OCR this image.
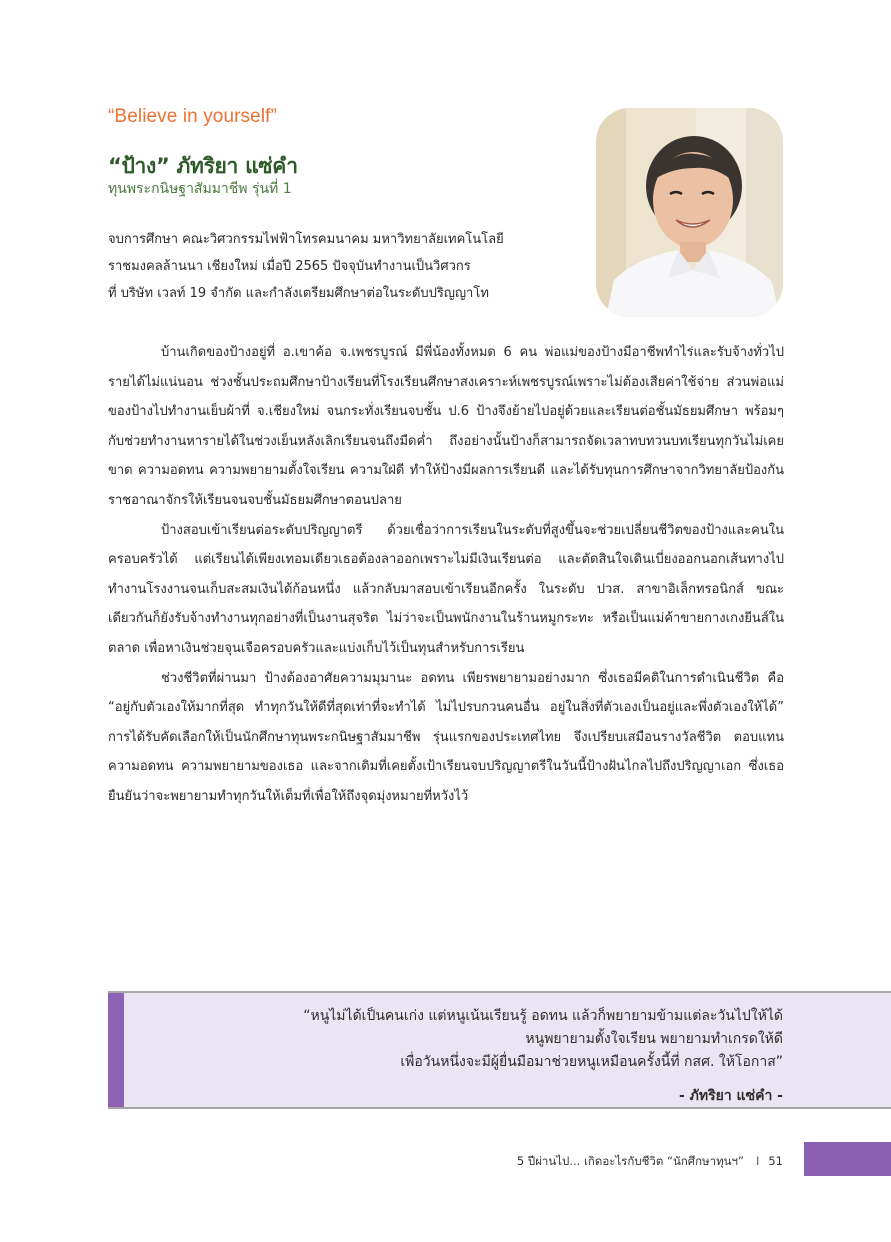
“Believe in yourself”
“ป้าง” ภัทริยา แซ่คำ
ทุนพระกนิษฐาสัมมาชีพ รุ่นที่ 1
จบการศึกษา คณะวิศวกรรมไฟฟ้าโทรคมนาคม มหาวิทยาลัยเทคโนโลยี
ราชมงคลล้านนา เชียงใหม่ เมื่อปี 2565 ปัจจุบันทำงานเป็นวิศวกร
ที่ บริษัท เวลท์ 19 จำกัด และกำลังเตรียมศึกษาต่อในระดับปริญญาโท

บ้านเกิดของป้างอยู่ที่ อ.เขาค้อ จ.เพชรบูรณ์ มีพี่น้องทั้งหมด 6 คน พ่อแม่ของป้างมีอาชีพทำไร่และรับจ้างทั่วไป รายได้ไม่แน่นอน ช่วงชั้นประถมศึกษาป้างเรียนที่โรงเรียนศึกษาสงเคราะห์เพชรบูรณ์เพราะไม่ต้องเสียค่าใช้จ่าย ส่วนพ่อแม่ของป้างไปทำงานเย็บผ้าที่ จ.เชียงใหม่ จนกระทั่งเรียนจบชั้น ป.6 ป้างจึงย้ายไปอยู่ด้วยและเรียนต่อชั้นมัธยมศึกษา พร้อมๆ กับช่วยทำงานหารายได้ในช่วงเย็นหลังเลิกเรียนจนถึงมืดค่ำ ถึงอย่างนั้นป้างก็สามารถจัดเวลาทบทวนบทเรียนทุกวันไม่เคยขาด ความอดทน ความพยายามตั้งใจเรียน ความใฝ่ดี ทำให้ป้างมีผลการเรียนดี และได้รับทุนการศึกษาจากวิทยาลัยป้องกันราชอาณาจักรให้เรียนจนจบชั้นมัธยมศึกษาตอนปลาย

ป้างสอบเข้าเรียนต่อระดับปริญญาตรี ด้วยเชื่อว่าการเรียนในระดับที่สูงขึ้นจะช่วยเปลี่ยนชีวิตของป้างและคนในครอบครัวได้ แต่เรียนได้เพียงเทอมเดียวเธอต้องลาออกเพราะไม่มีเงินเรียนต่อ และตัดสินใจเดินเบี่ยงออกนอกเส้นทางไปทำงานโรงงานจนเก็บสะสมเงินได้ก้อนหนึ่ง แล้วกลับมาสอบเข้าเรียนอีกครั้ง ในระดับ ปวส. สาขาอิเล็กทรอนิกส์ ขณะเดียวกันก็ยังรับจ้างทำงานทุกอย่างที่เป็นงานสุจริต ไม่ว่าจะเป็นพนักงานในร้านหมูกระทะ หรือเป็นแม่ค้าขายกางเกงยีนส์ในตลาด เพื่อหาเงินช่วยจุนเจือครอบครัวและแบ่งเก็บไว้เป็นทุนสำหรับการเรียน

ช่วงชีวิตที่ผ่านมา ป้างต้องอาศัยความมุมานะ อดทน เพียรพยายามอย่างมาก ซึ่งเธอมีคติในการดำเนินชีวิต คือ “อยู่กับตัวเองให้มากที่สุด ทำทุกวันให้ดีที่สุดเท่าที่จะทำได้ ไม่ไปรบกวนคนอื่น อยู่ในสิ่งที่ตัวเองเป็นอยู่และพึ่งตัวเองให้ได้” การได้รับคัดเลือกให้เป็นนักศึกษาทุนพระกนิษฐาสัมมาชีพ รุ่นแรกของประเทศไทย จึงเปรียบเสมือนรางวัลชีวิต ตอบแทนความอดทน ความพยายามของเธอ และจากเดิมที่เคยตั้งเป้าเรียนจบปริญญาตรีในวันนี้ป้างฝันไกลไปถึงปริญญาเอก ซึ่งเธอยืนยันว่าจะพยายามทำทุกวันให้เต็มที่เพื่อให้ถึงจุดมุ่งหมายที่หวังไว้

“หนูไม่ได้เป็นคนเก่ง แต่หนูเน้นเรียนรู้ อดทน แล้วก็พยายามข้ามแต่ละวันไปให้ได้
หนูพยายามตั้งใจเรียน พยายามทำเกรดให้ดี
เพื่อวันหนึ่งจะมีผู้ยื่นมือมาช่วยหนูเหมือนครั้งนี้ที่ กสศ. ให้โอกาส”
- ภัทริยา แซ่คำ -
5 ปีผ่านไป... เกิดอะไรกับชีวิต “นักศึกษาทุนฯ” I 51
